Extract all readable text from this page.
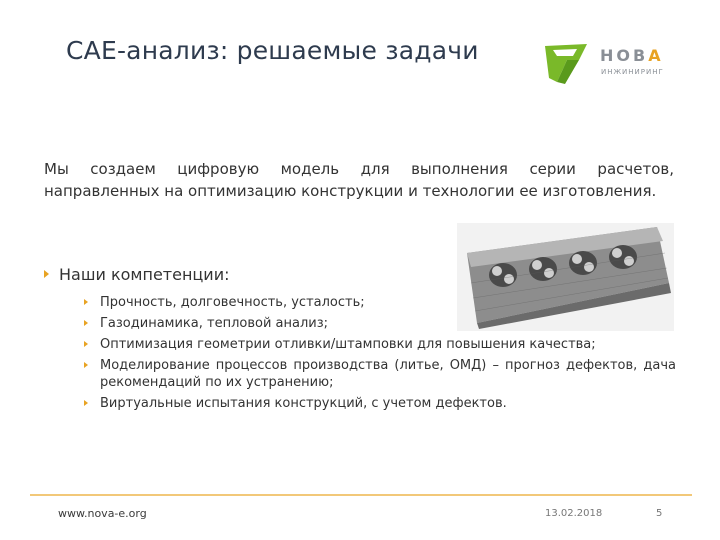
САЕ-анализ: решаемые задачи	НОВА
ИНЖИНИРИНГ
Мы создаем цифровую модель для выполнения серии расчетов, направленных на оптимизацию конструкции и технологии ее изготовления.
Наши компетенции:
Прочность, долговечность, усталость;
Газодинамика, тепловой анализ;
Оптимизация геометрии отливки/штамповки для повышения качества;
Моделирование процессов производства (литье, ОМД) – прогноз дефектов, дача рекомендаций по их устранению;
Виртуальные испытания конструкций, с учетом дефектов.
www.nova-e.org	13.02.2018	5
